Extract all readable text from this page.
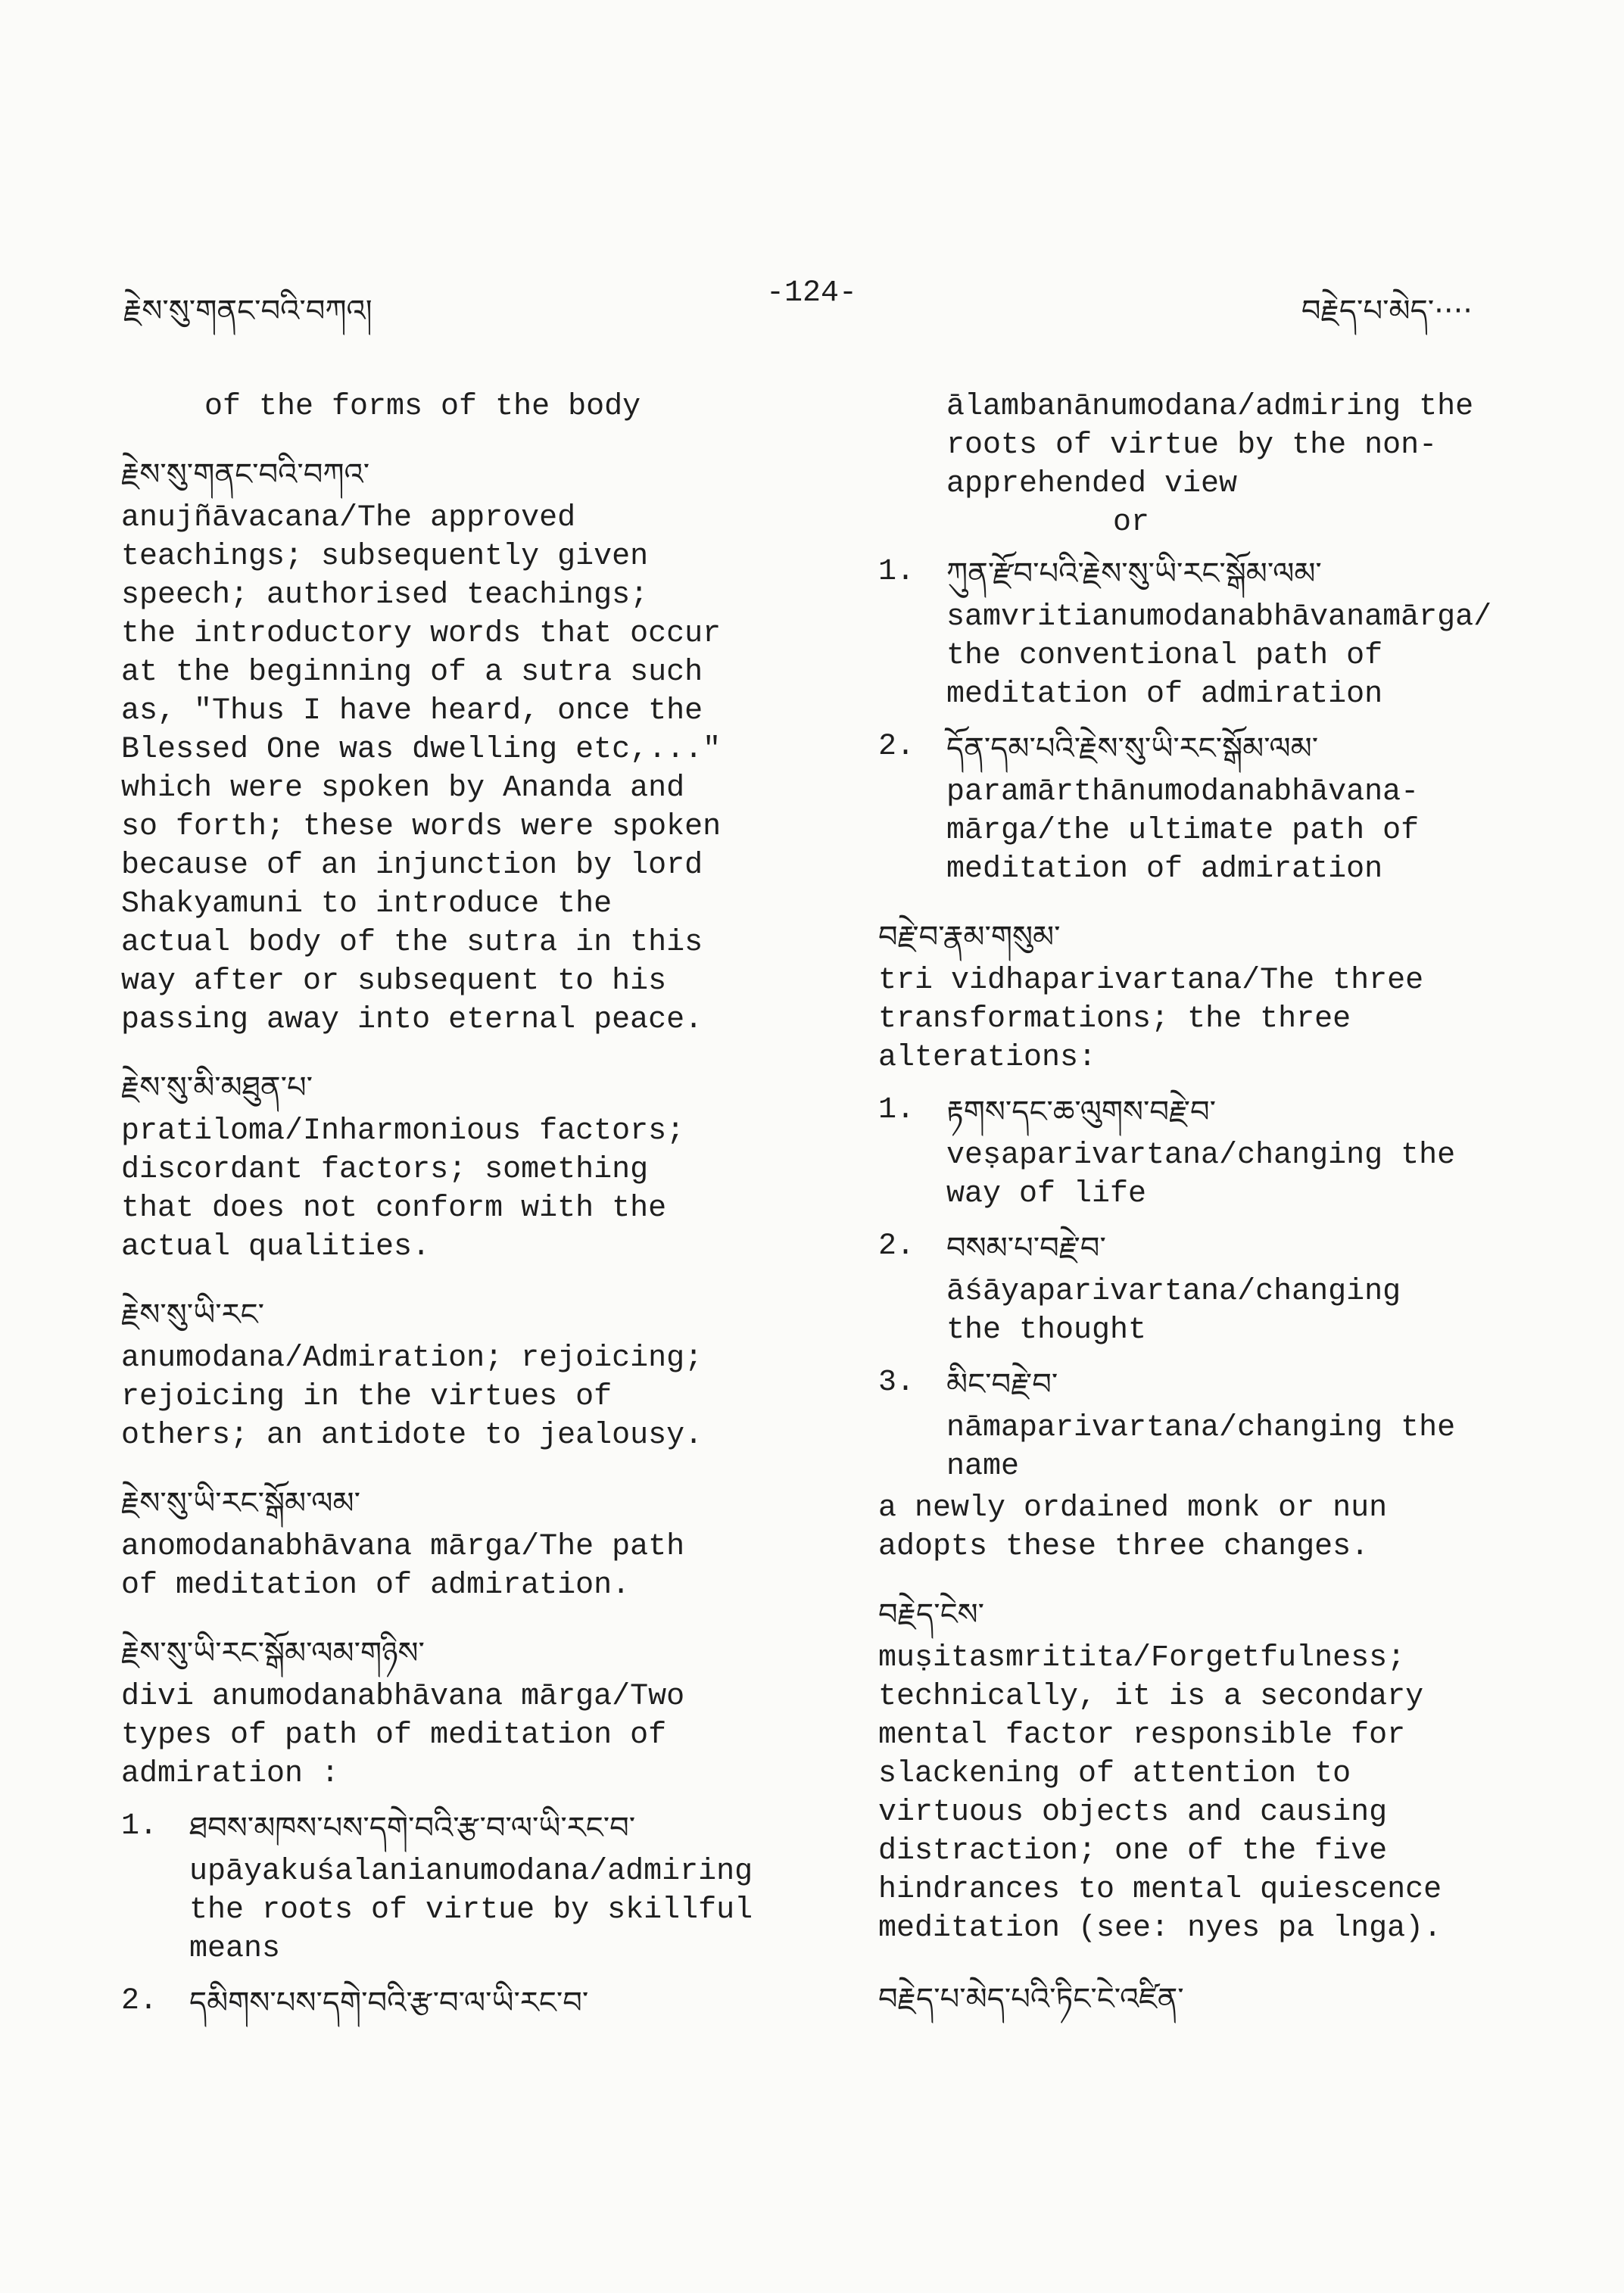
རྗེས་སུ་གནང་བའི་བཀའ།
-124-
བརྗེད་པ་མེད་····
of the forms of the body
རྗེས་སུ་གནང་བའི་བཀའ་
anujñāvacana/The approved
teachings; subsequently given
speech; authorised teachings;
the introductory words that occur
at the beginning of a sutra such
as, "Thus I have heard, once the
Blessed One was dwelling etc,..."
which were spoken by Ananda and
so forth; these words were spoken
because of an injunction by lord
Shakyamuni to introduce the
actual body of the sutra in this
way after or subsequent to his
passing away into eternal peace.
རྗེས་སུ་མི་མཐུན་པ་
pratiloma/Inharmonious factors;
discordant factors; something
that does not conform with the
actual qualities.
རྗེས་སུ་ཡི་རང་
anumodana/Admiration; rejoicing;
rejoicing in the virtues of
others; an antidote to jealousy.
རྗེས་སུ་ཡི་རང་སྒོམ་ལམ་
anomodanabhāvana mārga/The path
of meditation of admiration.
རྗེས་སུ་ཡི་རང་སྒོམ་ལམ་གཉིས་
divi anumodanabhāvana mārga/Two
types of path of meditation of
admiration :
1.	ཐབས་མཁས་པས་དགེ་བའི་རྩ་བ་ལ་ཡི་རང་བ་
upāyakuśalanianumodana/admiring
the roots of virtue by skillful
means
2.	དམིགས་པས་དགེ་བའི་རྩ་བ་ལ་ཡི་རང་བ་
ālambanānumodana/admiring the
roots of virtue by the non-
apprehended view
or
1.	ཀུན་རྫོབ་པའི་རྗེས་སུ་ཡི་རང་སྒོམ་ལམ་
samvritianumodanabhāvanamārga/
the conventional path of
meditation of admiration
2.	དོན་དམ་པའི་རྗེས་སུ་ཡི་རང་སྒོམ་ལམ་
paramārthānumodanabhāvana-
mārga/the ultimate path of
meditation of admiration
བརྗེ་བ་རྣམ་གསུམ་
tri vidhaparivartana/The three
transformations; the three
alterations:
1.	རྟགས་དང་ཆ་ལུགས་བརྗེ་བ་
veṣaparivartana/changing the
way of life
2.	བསམ་པ་བརྗེ་བ་
āśāyaparivartana/changing
the thought
3.	མིང་བརྗེ་བ་
nāmaparivartana/changing the
name
a newly ordained monk or nun
adopts these three changes.
བརྗེད་ངེས་
muṣitasmritita/Forgetfulness;
technically, it is a secondary
mental factor responsible for
slackening of attention to
virtuous objects and causing
distraction; one of the five
hindrances to mental quiescence
meditation (see: nyes pa lnga).
བརྗེད་པ་མེད་པའི་ཏིང་ངེ་འཛིན་
